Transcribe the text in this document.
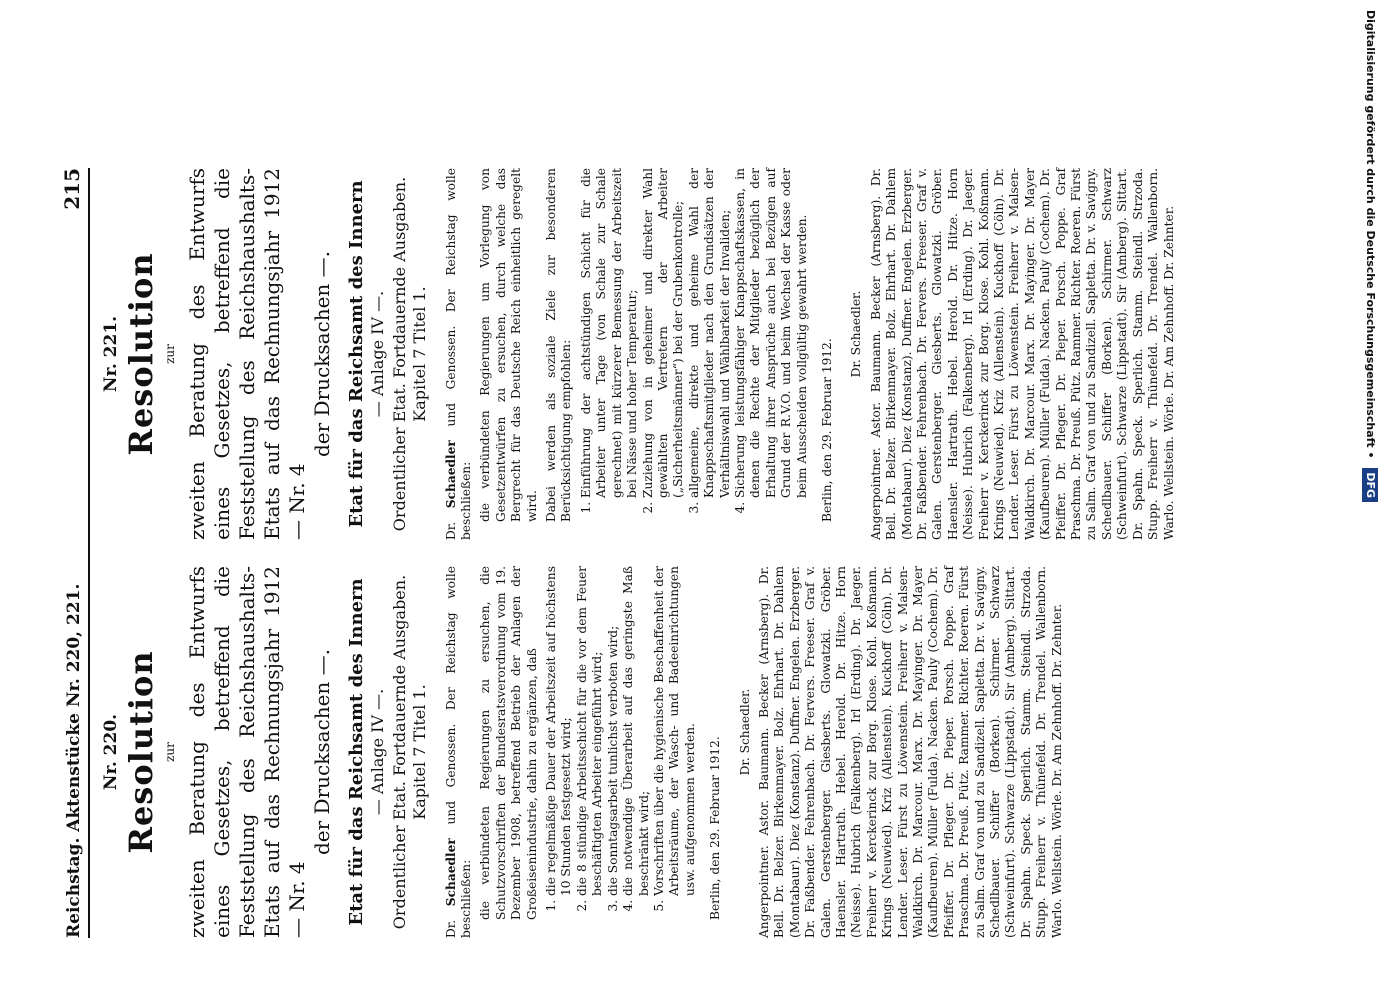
Reichstag. Aktenstücke Nr. 220, 221.
215
Nr. 220. Resolution zur zweiten Beratung des Entwurfs eines Gesetzes, betreffend die Feststellung des Reichshaushalts-Etats auf das Rechnungsjahr 1912 — Nr. 4
der Drucksachen —. Etat für das Reichsamt des Innern — Anlage IV —. Ordentlicher Etat. Fortdauernde Ausgaben. Kapitel 7 Titel 1.

Dr. Schaedler und Genossen. Der Reichstag wolle beschließen: die verbündeten Regierungen zu ersuchen, die Schutzvorschriften der Bundesratsverordnung vom 19. Dezember 1908, betreffend Betrieb der Anlagen der Großeisenindustrie, dahin zu ergänzen, daß 1. die regelmäßige Dauer der Arbeitszeit auf höchstens 10 Stunden festgesetzt wird; 2. die 8 stündige Arbeitsschicht für die vor dem Feuer beschäftigten Arbeiter eingeführt wird; 3. die Sonntagsarbeit tunlichst verboten wird; 4. die notwendige Überarbeit auf das geringste Maß beschränkt wird; 5. Vorschriften über die hygienische Beschaffenheit der Arbeitsräume, der Wasch- und Badeeinrichtungen usw. aufgenommen werden. Berlin, den 29. Februar 1912.
Dr. Schaedler. Angerpointner. Astor. Baumann. Becker (Arnsberg). Dr. Bell. Dr. Belzer. Birkenmayer. Bolz. Ehrhart. Dr. Dahlem (Montabaur). Diez (Konstanz). Duffner. Engelen. Erzberger. Dr. Faßbender. Fehrenbach. Dr. Fervers. Freeser. Graf v. Galen. Gerstenberger. Giesberts. Glowatzki. Gröber. Haensler. Hartrath. Hebel. Herold. Dr. Hitze. Horn (Neisse). Hubrich (Falkenberg). Irl (Erding). Dr. Jaeger. Freiherr v. Kerckerinck zur Borg. Klose. Kohl. Koßmann. Krings (Neuwied). Kriz (Allenstein). Kuckhoff (Cöln). Dr. Lender. Leser. Fürst zu Löwenstein. Freiherr v. Malsen-Waldkirch. Dr. Marcour. Marx. Dr. Mayinger. Dr. Mayer (Kaufbeuren). Müller (Fulda). Nacken. Pauly (Cochem). Dr. Pfeiffer. Dr. Pfleger. Dr. Pieper. Porsch. Poppe. Graf Praschma. Dr. Preuß. Pütz. Rammer. Richter. Roeren. Fürst zu Salm. Graf von und zu Sandizell. Sapletta. Dr. v. Savigny. Schedlbauer. Schiffer (Borken). Schirmer. Schwarz (Schweinfurt). Schwarze (Lippstadt). Sir (Amberg). Sittart. Dr. Spahn. Speck. Sperlich. Stamm. Steindl. Strzoda. Stupp. Freiherr v. Thünefeld. Dr. Trendel. Wallenborn. Warlo. Wellstein. Wörle. Dr. Am Zehnhoff. Dr. Zehnter.

Nr. 221. Resolution zur zweiten Beratung des Entwurfs eines Gesetzes, betreffend die Feststellung des Reichshaushalts-Etats auf das Rechnungsjahr 1912 — Nr. 4
der Drucksachen —. Etat für das Reichsamt des Innern — Anlage IV —. Ordentlicher Etat. Fortdauernde Ausgaben. Kapitel 7 Titel 1.

Dr. Schaedler und Genossen. Der Reichstag wolle beschließen: die verbündeten Regierungen um Vorlegung von Gesetzentwürfen zu ersuchen, durch welche das Bergrecht für das Deutsche Reich einheitlich geregelt wird. Dabei werden als soziale Ziele zur besonderen Berücksichtigung empfohlen: 1. Einführung der achtstündigen Schicht für die Arbeiter unter Tage (von Schale zur Schale gerechnet) mit kürzerer Bemessung der Arbeitszeit bei Nässe und hoher Temperatur; 2. Zuziehung von in geheimer und direkter Wahl gewählten Vertretern der Arbeiter („Sicherheitsmänner“) bei der Grubenkontrolle; 3. allgemeine, direkte und geheime Wahl der Knappschaftsmitglieder nach den Grundsätzen der Verhältniswahl und Wählbarkeit der Invaliden; 4. Sicherung leistungsfähiger Knappschaftskassen, in denen die Rechte der Mitglieder bezüglich der Erhaltung ihrer Ansprüche auch bei Bezügen auf Grund der R.V.O. und beim Wechsel der Kasse oder beim Ausscheiden vollgültig gewahrt werden. Berlin, den 29. Februar 1912.
Dr. Schaedler. Angerpointner. Astor. Baumann. Becker (Arnsberg). Dr. Bell. Dr. Belzer. Birkenmayer. Bolz. Ehrhart. Dr. Dahlem (Montabaur). Diez (Konstanz). Duffner. Engelen. Erzberger. Dr. Faßbender. Fehrenbach. Dr. Fervers. Freeser. Graf v. Galen. Gerstenberger. Giesberts. Glowatzki. Gröber. Haensler. Hartrath. Hebel. Herold. Dr. Hitze. Horn (Neisse). Hubrich (Falkenberg). Irl (Erding). Dr. Jaeger. Freiherr v. Kerckerinck zur Borg. Klose. Kohl. Koßmann. Krings (Neuwied). Kriz (Allenstein). Kuckhoff (Cöln). Dr. Lender. Leser. Fürst zu Löwenstein. Freiherr v. Malsen-Waldkirch. Dr. Marcour. Marx. Dr. Mayinger. Dr. Mayer (Kaufbeuren). Müller (Fulda). Nacken. Pauly (Cochem). Dr. Pfeiffer. Dr. Pfleger. Dr. Pieper. Porsch. Poppe. Graf Praschma. Dr. Preuß. Pütz. Rammer. Richter. Roeren. Fürst zu Salm. Graf von und zu Sandizell. Sapletta. Dr. v. Savigny. Schedlbauer. Schiffer (Borken). Schirmer. Schwarz (Schweinfurt). Schwarze (Lippstadt). Sir (Amberg). Sittart. Dr. Spahn. Speck. Sperlich. Stamm. Steindl. Strzoda. Stupp. Freiherr v. Thünefeld. Dr. Trendel. Wallenborn. Warlo. Wellstein. Wörle. Dr. Am Zehnhoff. Dr. Zehnter.	Digitalisierung gefördert durch die Deutsche Forschungsgemeinschaft • DFG
